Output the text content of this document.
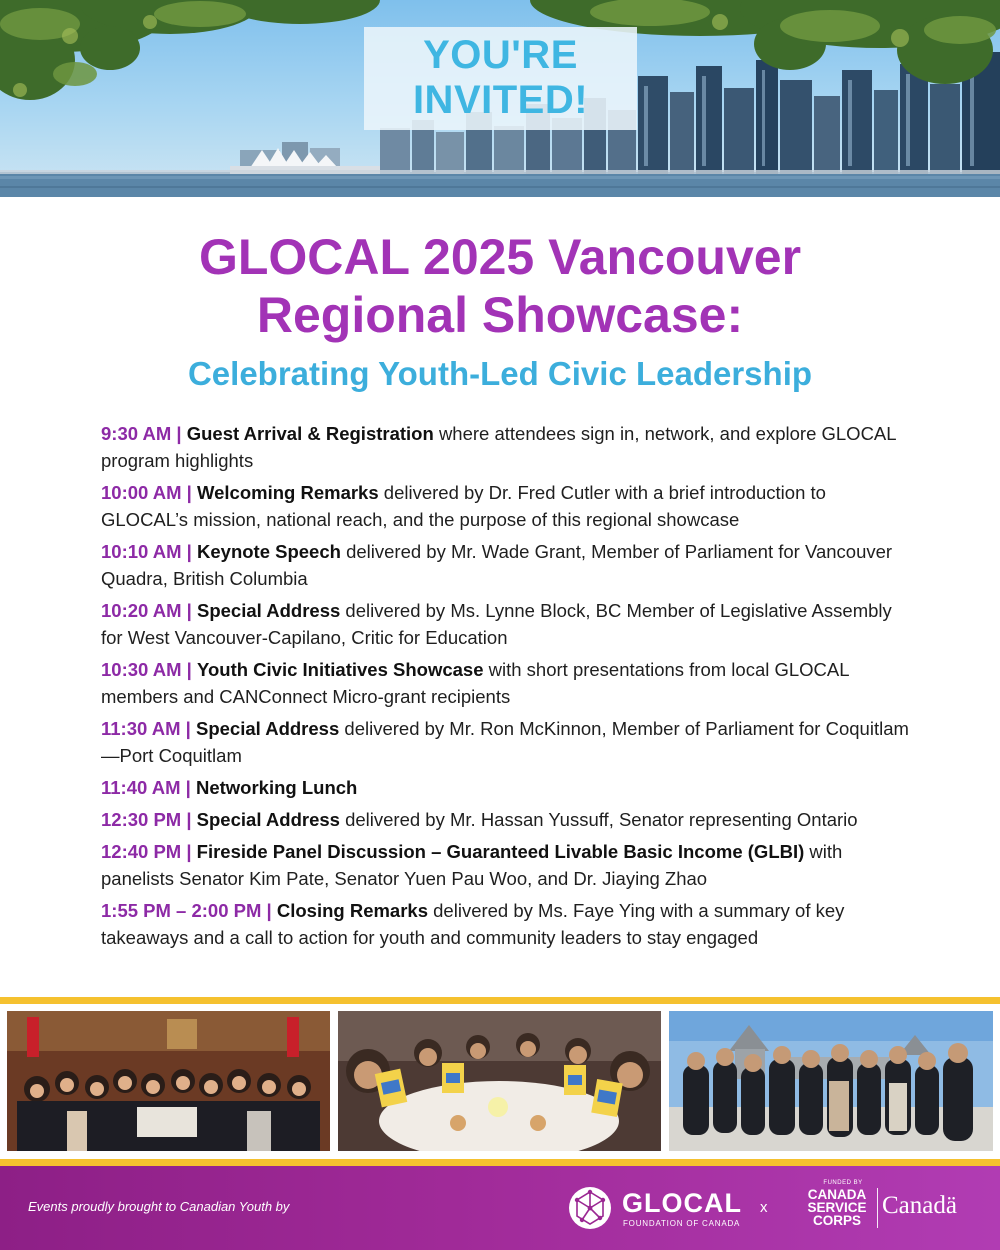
YOU'RE
INVITED!
GLOCAL 2025 Vancouver
Regional Showcase:
Celebrating Youth-Led Civic Leadership
9:30 AM | Guest Arrival & Registration where attendees sign in, network, and explore GLOCAL program highlights
10:00 AM | Welcoming Remarks delivered by Dr. Fred Cutler with a brief introduction to GLOCAL’s mission, national reach, and the purpose of this regional showcase
10:10 AM | Keynote Speech delivered by Mr. Wade Grant, Member of Parliament for Vancouver Quadra, British Columbia
10:20 AM | Special Address delivered by Ms. Lynne Block, BC Member of Legislative Assembly for West Vancouver-Capilano, Critic for Education
10:30 AM | Youth Civic Initiatives Showcase with short presentations from local GLOCAL members and CANConnect Micro-grant recipients
11:30 AM | Special Address delivered by Mr. Ron McKinnon, Member of Parliament for Coquitlam—Port Coquitlam
11:40 AM | Networking Lunch
12:30 PM | Special Address delivered by Mr. Hassan Yussuff, Senator representing Ontario
12:40 PM | Fireside Panel Discussion – Guaranteed Livable Basic Income (GLBI) with panelists Senator Kim Pate, Senator Yuen Pau Woo, and Dr. Jiaying Zhao
1:55 PM – 2:00 PM | Closing Remarks delivered by Ms. Faye Ying with a summary of key takeaways and a call to action for youth and community leaders to stay engaged
Events proudly brought to Canadian Youth by	GLOCAL
FOUNDATION OF CANADA
x
FUNDED BY
CANADA
SERVICE
CORPS
Canadä
